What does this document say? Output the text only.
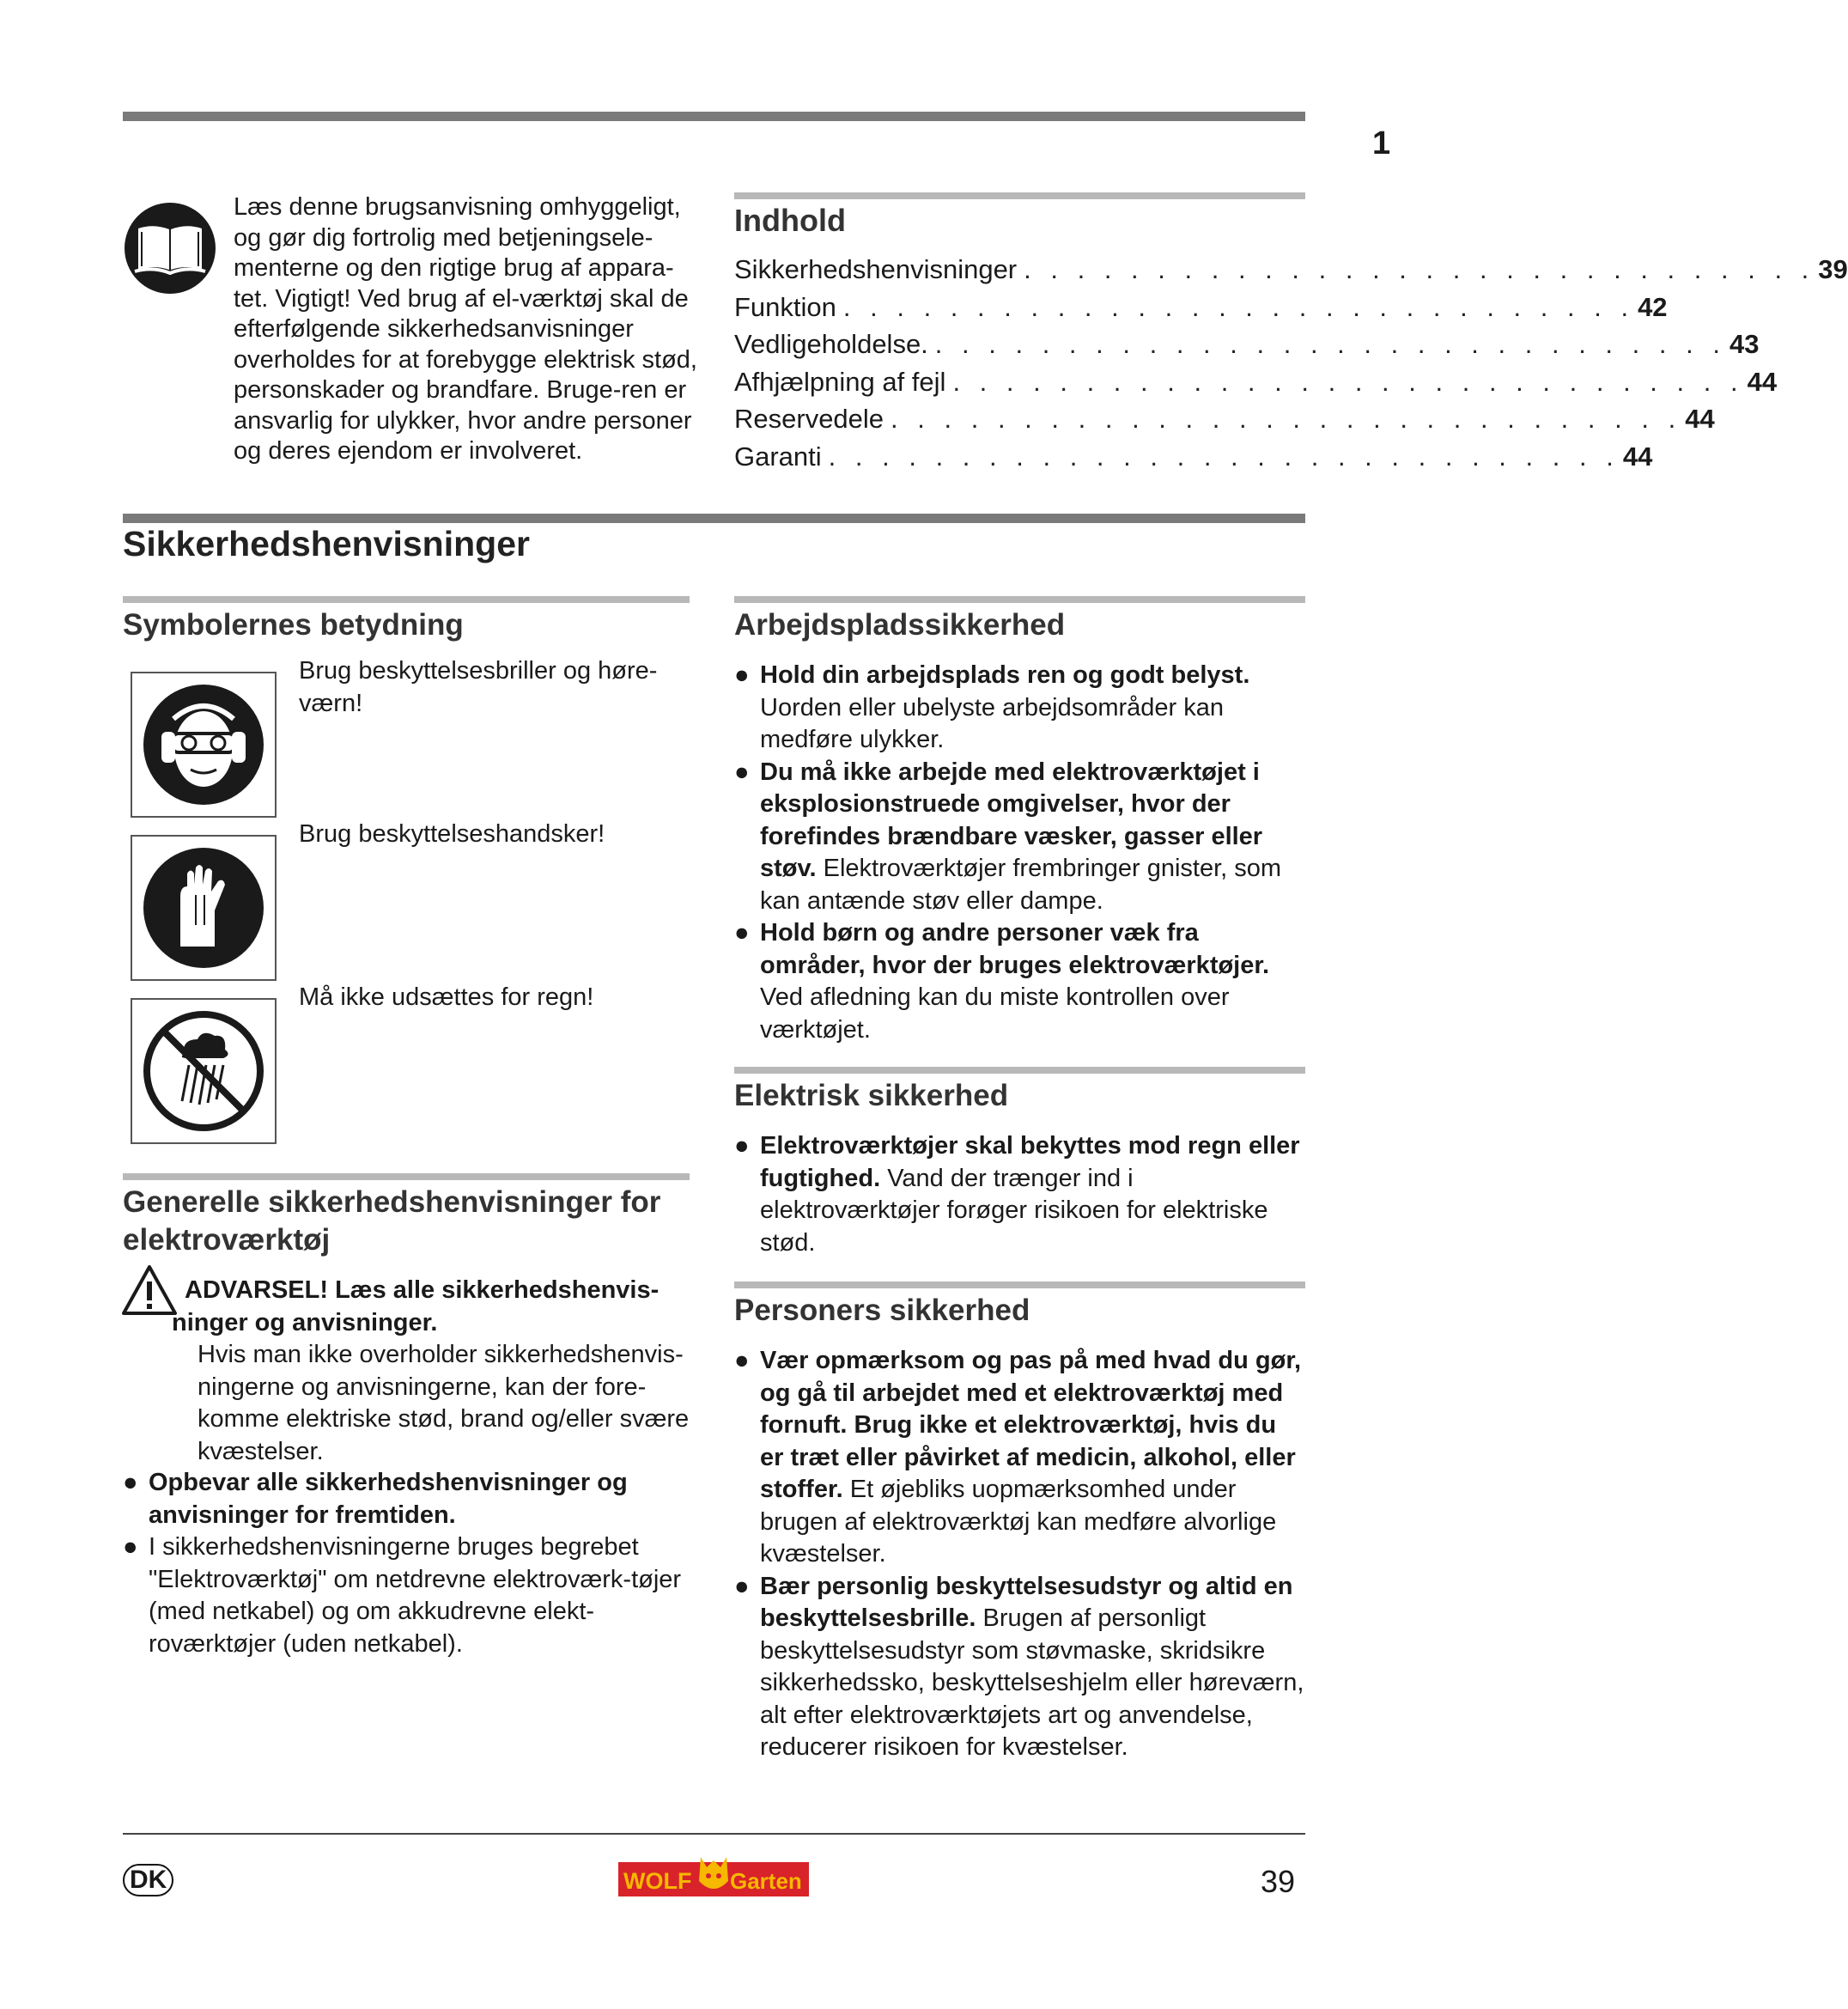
1
Læs denne brugsanvisning omhyggeligt, og gør dig fortrolig med betjeningsele-menterne og den rigtige brug af appara-tet. Vigtigt! Ved brug af el-værktøj skal de efterfølgende sikkerhedsanvisninger overholdes for at forebygge elektrisk stød, personskader og brandfare. Bruge-ren er ansvarlig for ulykker, hvor andre personer og deres ejendom er involveret.
Indhold
Sikkerhedshenvisninger . . . . . . . . . . . . . . . . . . . . . . . . . . . . . . 39
Funktion . . . . . . . . . . . . . . . . . . . . . . . . . . . . . . 42
Vedligeholdelse. . . . . . . . . . . . . . . . . . . . . . . . . . . . . . . 43
Afhjælpning af fejl . . . . . . . . . . . . . . . . . . . . . . . . . . . . . . 44
Reservedele . . . . . . . . . . . . . . . . . . . . . . . . . . . . . . 44
Garanti . . . . . . . . . . . . . . . . . . . . . . . . . . . . . . 44
Sikkerhedshenvisninger
Symbolernes betydning
Brug beskyttelsesbriller og høre-værn!
Brug beskyttelseshandsker!
Må ikke udsættes for regn!
Generelle sikkerhedshenvisninger for elektroværktøj
ADVARSEL! Læs alle sikkerhedshenvis-ninger og anvisninger.
Hvis man ikke overholder sikkerhedshenvis-ningerne og anvisningerne, kan der fore-komme elektriske stød, brand og/eller svære kvæstelser.
● Opbevar alle sikkerhedshenvisninger og anvisninger for fremtiden.
● I sikkerhedshenvisningerne bruges begrebet "Elektroværktøj" om netdrevne elektroværk-tøjer (med netkabel) og om akkudrevne elekt-roværktøjer (uden netkabel).
Arbejdspladssikkerhed
● Hold din arbejdsplads ren og godt belyst. Uorden eller ubelyste arbejdsområder kan medføre ulykker.
● Du må ikke arbejde med elektroværktøjet i eksplosionstruede omgivelser, hvor der forefindes brændbare væsker, gasser eller støv. Elektroværktøjer frembringer gnister, som kan antænde støv eller dampe.
● Hold børn og andre personer væk fra områder, hvor der bruges elektroværktøjer. Ved afledning kan du miste kontrollen over værktøjet.
Elektrisk sikkerhed
● Elektroværktøjer skal bekyttes mod regn eller fugtighed. Vand der trænger ind i elektroværktøjer forøger risikoen for elektriske stød.
Personers sikkerhed
● Vær opmærksom og pas på med hvad du gør, og gå til arbejdet med et elektroværktøj med fornuft. Brug ikke et elektroværktøj, hvis du er træt eller påvirket af medicin, alkohol, eller stoffer. Et øjebliks uopmærksomhed under brugen af elektroværktøj kan medføre alvorlige kvæstelser.
● Bær personlig beskyttelsesudstyr og altid en beskyttelsesbrille. Brugen af personligt beskyttelsesudstyr som støvmaske, skridsikre sikkerhedssko, beskyttelseshjelm eller høreværn, alt efter elektroværktøjets art og anvendelse, reducerer risikoen for kvæstelser.
DK	WOLF Garten	39
